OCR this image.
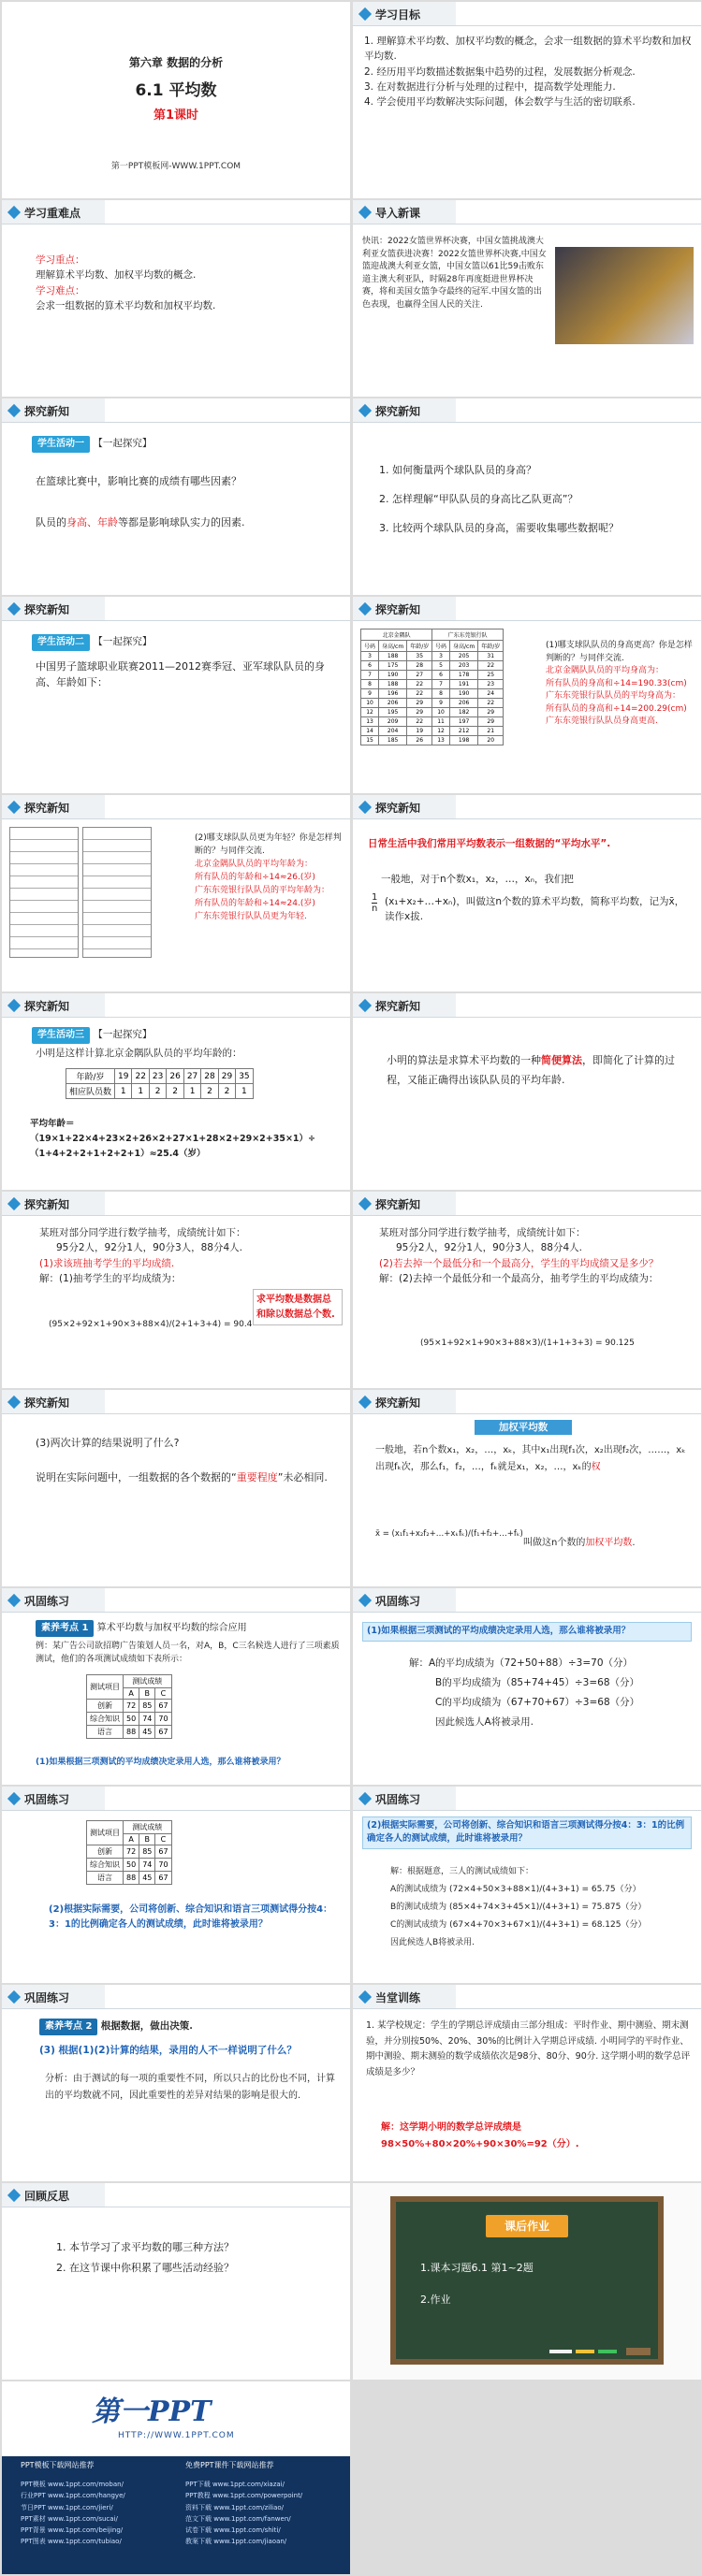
第六章 数据的分析
6.1 平均数
第1课时
第一PPT模板网-WWW.1PPT.COM
学习目标
1. 理解算术平均数、加权平均数的概念，会求一组数据的算术平均数和加权平均数.
2. 经历用平均数描述数据集中趋势的过程，发展数据分析观念.
3. 在对数据进行分析与处理的过程中，提高数学处理能力.
4. 学会使用平均数解决实际问题，体会数学与生活的密切联系.
学习重难点
学习重点：
理解算术平均数、加权平均数的概念.
学习难点：
会求一组数据的算术平均数和加权平均数.
导入新课
快讯：2022女篮世界杯决赛，中国女篮挑战澳大利亚女篮获进决赛！2022女篮世界杯决赛,中国女篮迎战澳大利亚女篮，中国女篮以61比59击败东道主澳大利亚队，时隔28年再度挺进世界杯决赛，将和美国女篮争夺最终的冠军.中国女篮的出色表现，也赢得全国人民的关注.
探究新知
学生活动一 【一起探究】
在篮球比赛中，影响比赛的成绩有哪些因素？
队员的身高、年龄等都是影响球队实力的因素.
探究新知
1. 如何衡量两个球队队员的身高？
2. 怎样理解“甲队队员的身高比乙队更高”？
3. 比较两个球队队员的身高，需要收集哪些数据呢？
探究新知
学生活动二 【一起探究】
中国男子篮球职业联赛2011—2012赛季冠、亚军球队队员的身高、年龄如下：
探究新知
北京金隅队		
号码	身高/cm	年龄/岁
3	188	35
6	175	28
7	190	27
8	188	22
9	196	22
10	206	29
12	195	29
13	209	22
14	204	19
15	185	26
广东东莞银行队		
号码	身高/cm	年龄/岁
3	205	31
5	203	22
6	178	25
7	191	23
8	190	24
9	206	22
10	182	29
11	197	29
12	212	21
13	198	20
(1)哪支球队队员的身高更高？你是怎样判断的？与同伴交流.
北京金隅队队员的平均身高为：
所有队员的身高和÷14=190.33(cm)
广东东莞银行队队员的平均身高为：
所有队员的身高和÷14=200.29(cm)
广东东莞银行队队员身高更高.
探究新知
(2)哪支球队队员更为年轻？你是怎样判断的？与同伴交流.
北京金隅队队员的平均年龄为：
所有队员的年龄和÷14≈26.(岁)
广东东莞银行队队员的平均年龄为：
所有队员的年龄和÷14≈24.(岁)
广东东莞银行队队员更为年轻.
探究新知
日常生活中我们常用平均数表示一组数据的“平均水平”.
一般地，对于n个数x₁，x₂，…，xₙ，我们把
1
n
(x₁+x₂+…+xₙ)，叫做这n个数的算术平均数，简称平均数，记为x̄，读作x拔.
探究新知
学生活动三 【一起探究】
小明是这样计算北京金隅队队员的平均年龄的：
年龄/岁	19	22	23	26	27	28	29	35
相应队员数	1	1	2	2	1	2	2	1
平均年龄＝（19×1+22×4+23×2+26×2+27×1+28×2+29×2+35×1）÷（1+4+2+2+1+2+2+1）≈25.4（岁）
探究新知
小明的算法是求算术平均数的一种简便算法，即简化了计算的过程，又能正确得出该队队员的平均年龄.
探究新知
某班对部分同学进行数学抽考，成绩统计如下：
95分2人，92分1人，90分3人，88分4人.
(1)求该班抽考学生的平均成绩.
解：(1)抽考学生的平均成绩为：
(95×2+92×1+90×3+88×4)/(2+1+3+4) = 90.4
求平均数是数据总和除以数据总个数.
探究新知
某班对部分同学进行数学抽考，成绩统计如下：
95分2人，92分1人，90分3人，88分4人.
(2)若去掉一个最低分和一个最高分，学生的平均成绩又是多少？
解：(2)去掉一个最低分和一个最高分，抽考学生的平均成绩为：
(95×1+92×1+90×3+88×3)/(1+1+3+3) = 90.125
探究新知
(3)两次计算的结果说明了什么?
说明在实际问题中，一组数据的各个数据的“重要程度”未必相同.
探究新知
加权平均数
一般地，若n个数x₁，x₂，…，xₖ，其中x₁出现f₁次，x₂出现f₂次，……，xₖ出现fₖ次，那么f₁，f₂，…，fₖ就是x₁，x₂，…，xₖ的权
x̄ = (x₁f₁+x₂f₂+…+xₖfₖ)/(f₁+f₂+…+fₖ)
叫做这n个数的加权平均数.
巩固练习
素养考点 1 算术平均数与加权平均数的综合应用
例：某广告公司欲招聘广告策划人员一名，对A，B，C三名候选人进行了三项素质测试，他们的各项测试成绩如下表所示：
测试项目	测试成绩		
	A	B	C
创新	72	85	67
综合知识	50	74	70
语言	88	45	67
(1)如果根据三项测试的平均成绩决定录用人选，那么谁将被录用？
巩固练习
(1)如果根据三项测试的平均成绩决定录用人选，那么谁将被录用？
解：A的平均成绩为（72+50+88）÷3=70（分）
B的平均成绩为（85+74+45）÷3=68（分）
C的平均成绩为（67+70+67）÷3=68（分）
因此候选人A将被录用.
巩固练习
测试项目	测试成绩		
	A	B	C
创新	72	85	67
综合知识	50	74	70
语言	88	45	67
(2)根据实际需要，公司将创新、综合知识和语言三项测试得分按4：3：1的比例确定各人的测试成绩，此时谁将被录用？
巩固练习
(2)根据实际需要，公司将创新、综合知识和语言三项测试得分按4：3：1的比例确定各人的测试成绩，此时谁将被录用？
解：根据题意，三人的测试成绩如下：
A的测试成绩为 (72×4+50×3+88×1)/(4+3+1) = 65.75（分）
B的测试成绩为 (85×4+74×3+45×1)/(4+3+1) = 75.875（分）
C的测试成绩为 (67×4+70×3+67×1)/(4+3+1) = 68.125（分）
因此候选人B将被录用.
巩固练习
素养考点 2 根据数据，做出决策.
(3) 根据(1)(2)计算的结果，录用的人不一样说明了什么？
分析：由于测试的每一项的重要性不同，所以只占的比份也不同，计算出的平均数就不同，因此重要性的差异对结果的影响是很大的.
当堂训练
1. 某学校规定：学生的学期总评成绩由三部分组成：平时作业、期中测验、期末测验，并分别按50%、20%、30%的比例计入学期总评成绩. 小明同学的平时作业、期中测验、期末测验的数学成绩依次是98分、80分、90分. 这学期小明的数学总评成绩是多少？
解：这学期小明的数学总评成绩是
98×50%+80×20%+90×30%=92（分）.
回顾反思
1. 本节学习了求平均数的哪三种方法？
2. 在这节课中你积累了哪些活动经验？
课后作业
1.课本习题6.1 第1~2题
2.作业
第一PPT
HTTP://WWW.1PPT.COM
PPT模板下载网站推荐	免费PPT课件下载网站推荐
PPT模板 www.1ppt.com/moban/
行业PPT www.1ppt.com/hangye/
节日PPT www.1ppt.com/jieri/
PPT素材 www.1ppt.com/sucai/
PPT背景 www.1ppt.com/beijing/
PPT图表 www.1ppt.com/tubiao/
PPT下载 www.1ppt.com/xiazai/
PPT教程 www.1ppt.com/powerpoint/
资料下载 www.1ppt.com/ziliao/
范文下载 www.1ppt.com/fanwen/
试卷下载 www.1ppt.com/shiti/
教案下载 www.1ppt.com/jiaoan/
